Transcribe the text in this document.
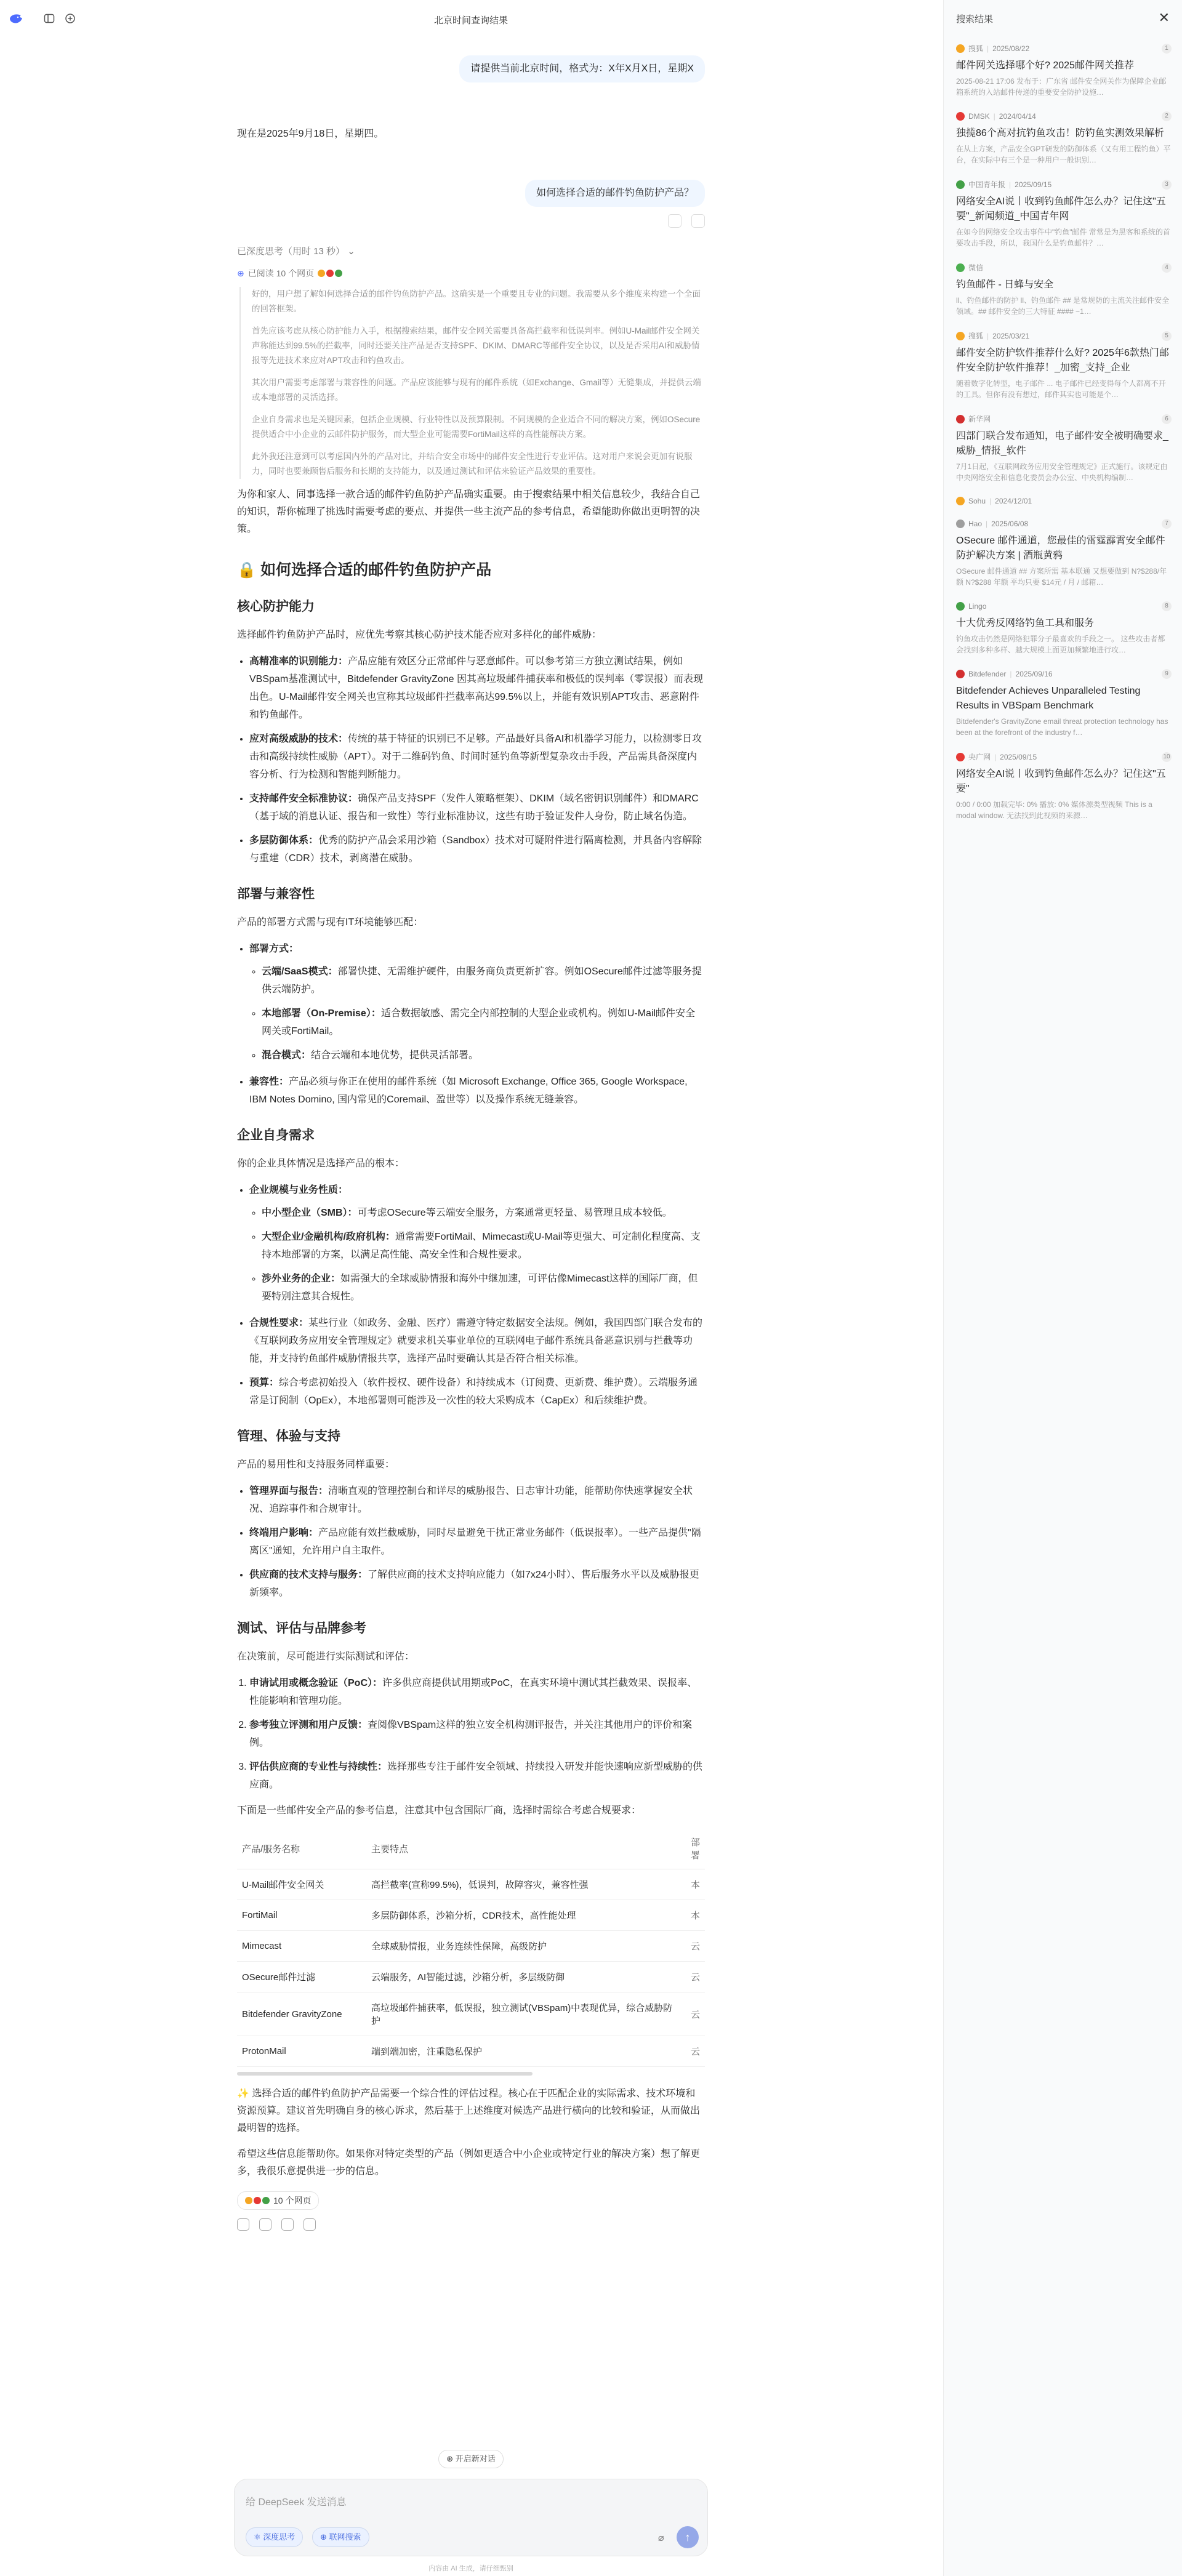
北京时间查询结果
请提供当前北京时间，格式为：X年X月X日，星期X

现在是2025年9月18日，星期四。

如何选择合适的邮件钓鱼防护产品？

已深度思考（用时 13 秒） ⌄
⊕ 已阅读 10 个网页

好的，用户想了解如何选择合适的邮件钓鱼防护产品。这确实是一个重要且专业的问题。我需要从多个维度来构建一个全面的回答框架。

首先应该考虑从核心防护能力入手，根据搜索结果，邮件安全网关需要具备高拦截率和低误判率。例如U-Mail邮件安全网关声称能达到99.5%的拦截率，同时还要关注产品是否支持SPF、DKIM、DMARC等邮件安全协议，以及是否采用AI和威胁情报等先进技术来应对APT攻击和钓鱼攻击。

其次用户需要考虑部署与兼容性的问题。产品应该能够与现有的邮件系统（如Exchange、Gmail等）无缝集成，并提供云端或本地部署的灵活选择。

企业自身需求也是关键因素，包括企业规模、行业特性以及预算限制。不同规模的企业适合不同的解决方案，例如OSecure提供适合中小企业的云邮件防护服务，而大型企业可能需要FortiMail这样的高性能解决方案。

此外我还注意到可以考虑国内外的产品对比，并结合安全市场中的邮件安全性进行专业评估。这对用户来说会更加有说服力，同时也要兼顾售后服务和长期的支持能力，以及通过测试和评估来验证产品效果的重要性。

为你和家人、同事选择一款合适的邮件钓鱼防护产品确实重要。由于搜索结果中相关信息较少，我结合自己的知识，帮你梳理了挑选时需要考虑的要点、并提供一些主流产品的参考信息，希望能助你做出更明智的决策。

🔒 如何选择合适的邮件钓鱼防护产品
核心防护能力

选择邮件钓鱼防护产品时，应优先考察其核心防护技术能否应对多样化的邮件威胁：

• 高精准率的识别能力：产品应能有效区分正常邮件与恶意邮件。可以参考第三方独立测试结果，例如VBSpam基准测试中，Bitdefender GravityZone 因其高垃圾邮件捕获率和极低的误判率（零误报）而表现出色。U-Mail邮件安全网关也宣称其垃圾邮件拦截率高达99.5%以上，并能有效识别APT攻击、恶意附件和钓鱼邮件。
• 应对高级威胁的技术：传统的基于特征的识别已不足够。产品最好具备AI和机器学习能力，以检测零日攻击和高级持续性威胁（APT）。对于二维码钓鱼、时间时延钓鱼等新型复杂攻击手段，产品需具备深度内容分析、行为检测和智能判断能力。
• 支持邮件安全标准协议：确保产品支持SPF（发件人策略框架）、DKIM（域名密钥识别邮件）和DMARC（基于域的消息认证、报告和一致性）等行业标准协议，这些有助于验证发件人身份，防止域名伪造。
• 多层防御体系：优秀的防护产品会采用沙箱（Sandbox）技术对可疑附件进行隔离检测，并具备内容解除与重建（CDR）技术，剥离潜在威胁。
部署与兼容性

产品的部署方式需与现有IT环境能够匹配：

• 部署方式：
◦ 云端/SaaS模式：部署快捷、无需维护硬件，由服务商负责更新扩容。例如OSecure邮件过滤等服务提供云端防护。
◦ 本地部署（On-Premise）：适合数据敏感、需完全内部控制的大型企业或机构。例如U-Mail邮件安全网关或FortiMail。
◦ 混合模式：结合云端和本地优势，提供灵活部署。
• 兼容性：产品必须与你正在使用的邮件系统（如 Microsoft Exchange, Office 365, Google Workspace, IBM Notes Domino, 国内常见的Coremail、盈世等）以及操作系统无缝兼容。
企业自身需求

你的企业具体情况是选择产品的根本：

• 企业规模与业务性质：
◦ 中小型企业（SMB）：可考虑OSecure等云端安全服务，方案通常更轻量、易管理且成本较低。
◦ 大型企业/金融机构/政府机构：通常需要FortiMail、Mimecast或U-Mail等更强大、可定制化程度高、支持本地部署的方案，以满足高性能、高安全性和合规性要求。
◦ 涉外业务的企业：如需强大的全球威胁情报和海外中继加速，可评估像Mimecast这样的国际厂商，但要特别注意其合规性。
• 合规性要求：某些行业（如政务、金融、医疗）需遵守特定数据安全法规。例如，我国四部门联合发布的《互联网政务应用安全管理规定》就要求机关事业单位的互联网电子邮件系统具备恶意识别与拦截等功能，并支持钓鱼邮件威胁情报共享，选择产品时要确认其是否符合相关标准。
• 预算：综合考虑初始投入（软件授权、硬件设备）和持续成本（订阅费、更新费、维护费）。云端服务通常是订阅制（OpEx），本地部署则可能涉及一次性的较大采购成本（CapEx）和后续维护费。
管理、体验与支持

产品的易用性和支持服务同样重要：

• 管理界面与报告：清晰直观的管理控制台和详尽的威胁报告、日志审计功能，能帮助你快速掌握安全状况、追踪事件和合规审计。
• 终端用户影响：产品应能有效拦截威胁，同时尽量避免干扰正常业务邮件（低误报率）。一些产品提供"隔离区"通知，允许用户自主取件。
• 供应商的技术支持与服务：了解供应商的技术支持响应能力（如7x24小时）、售后服务水平以及威胁报更新频率。
测试、评估与品牌参考

在决策前，尽可能进行实际测试和评估：

1. 申请试用或概念验证（PoC）：许多供应商提供试用期或PoC，在真实环境中测试其拦截效果、误报率、性能影响和管理功能。
2. 参考独立评测和用户反馈：查阅像VBSpam这样的独立安全机构测评报告，并关注其他用户的评价和案例。
3. 评估供应商的专业性与持续性：选择那些专注于邮件安全领域、持续投入研发并能快速响应新型威胁的供应商。

下面是一些邮件安全产品的参考信息，注意其中包含国际厂商，选择时需综合考虑合规要求：

产品/服务名称	主要特点	部署
U-Mail邮件安全网关	高拦截率(宣称99.5%)，低误判，故障容灾，兼容性强	本
FortiMail	多层防御体系，沙箱分析，CDR技术，高性能处理	本
Mimecast	全球威胁情报，业务连续性保障，高级防护	云
OSecure邮件过滤	云端服务，AI智能过滤，沙箱分析，多层级防御	云
Bitdefender GravityZone	高垃圾邮件捕获率，低误报，独立测试(VBSpam)中表现优异，综合威胁防护	云
ProtonMail	端到端加密，注重隐私保护	云

✨ 选择合适的邮件钓鱼防护产品需要一个综合性的评估过程。核心在于匹配企业的实际需求、技术环境和资源预算。建议首先明确自身的核心诉求，然后基于上述维度对候选产品进行横向的比较和验证，从而做出最明智的选择。

希望这些信息能帮助你。如果你对特定类型的产品（例如更适合中小企业或特定行业的解决方案）想了解更多，我很乐意提供进一步的信息。

10 个网页
⊕ 开启新对话
给 DeepSeek 发送消息
⚛ 深度思考	⊕ 联网搜索	⌀	↑
内容由 AI 生成，请仔细甄别
搜索结果	✕
搜狐 | 2025/08/22	1
邮件网关选择哪个好? 2025邮件网关推荐
2025-08-21 17:06 发布于：广东省 邮件安全网关作为保障企业邮箱系统的入站邮件传递的重要安全防护设施…
DMSK | 2024/04/14	2
独揽86个高对抗钓鱼攻击！防钓鱼实测效果解析
在从上方案，产品安全GPT研发的防御体系（又有用工程钓鱼）平台，在实际中有三个是一种用户一般识别…
中国青年报 | 2025/09/15	3
网络安全AI说丨收到钓鱼邮件怎么办？记住这"五要"_新闻频道_中国青年网
在如今的网络安全攻击事件中"钓鱼"邮件 常常是为黑客和系统的首要攻击手段，所以，我国什么是钓鱼邮件？…
微信	4
钓鱼邮件 - 日蜂与安全
ll、钓鱼邮件的防护 ll、钓鱼邮件 ## 是常规防的主流关注邮件安全领域。## 邮件安全的三大特征 #### ~1…
搜狐 | 2025/03/21	5
邮件安全防护软件推荐什么好? 2025年6款热门邮件安全防护软件推荐！_加密_支持_企业
随着数字化转型，电子邮件 ... 电子邮件已经变得每个人都离不开的工具。但你有没有想过，邮件其实也可能是个…
新华网	6
四部门联合发布通知，电子邮件安全被明确要求_威胁_情报_软件
7月1日起，《互联网政务应用安全管理规定》正式施行。该规定由中央网络安全和信息化委员会办公室、中央机构编制…
Sohu | 2024/12/01
Hao | 2025/06/08	7
OSecure 邮件通道，您最佳的雷霆霹霄安全邮件防护解决方案 | 酒瓶黄鸦
OSecure 邮件通道 ## 方案所需 基本联通 又想要做到 N?$288/年额 N?$288 年额 平均只要 $14元 / 月 / 邮箱…
Lingo	8
十大优秀反网络钓鱼工具和服务
钓鱼攻击仍然是网络犯罪分子最喜欢的手段之一。 这些攻击者都会找到多种多样、越大规模上面更加频繁地进行攻…
Bitdefender | 2025/09/16	9
Bitdefender Achieves Unparalleled Testing Results in VBSpam Benchmark
Bitdefender's GravityZone email threat protection technology has been at the forefront of the industry f…
央广网 | 2025/09/15	10
网络安全AI说丨收到钓鱼邮件怎么办？记住这"五要"
0:00 / 0:00 加载完毕: 0% 播放: 0% 媒体源类型视频 This is a modal window. 无法找到此视频的来源…
